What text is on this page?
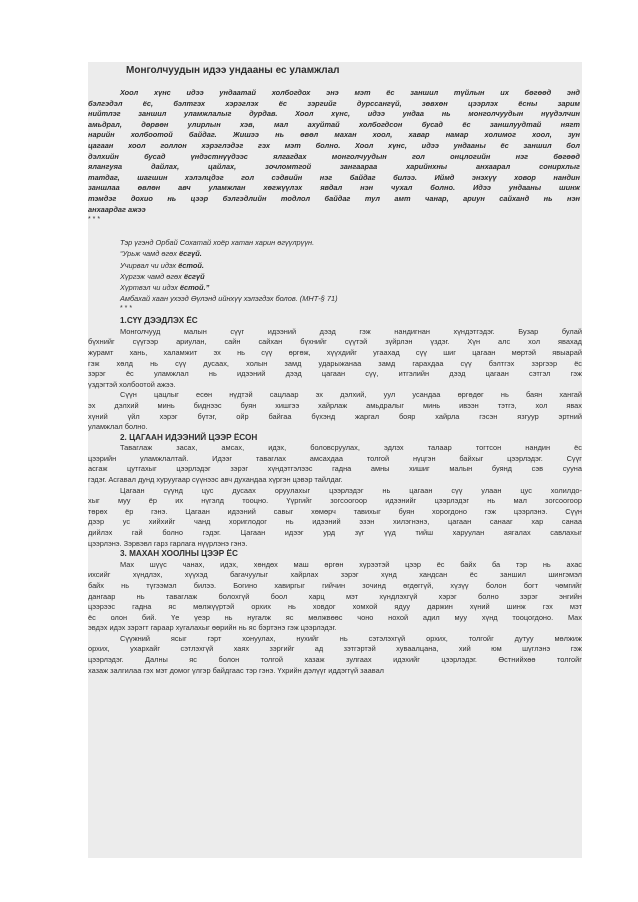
Монголчуудын идээ ундааны ес уламжлал
Хоол хүнс идээ ундаатай холбогдох энэ мэт ёс заншил түйлын их бөгөөд энд
бэлгэдэл ёс, бэлтгэх хэрэглэх ёс зэргийг дурссангүй, зөвхөн цээрлэх ёсны зарим
нийтлэг заншил уламжлалыг дурдав. Хоол хүнс, идээ ундаа нь монголчуудын нүүдэлчин
амьдрал, дөрвөн улирлын хэв, мал ахуйтай холбогдсон бусад ёс заншлуудтай нягт
нарийн холбоотой байдаг. Жишээ нь өвөл махан хоол, хавар намар холимог хоол, зун
цагаан хоол голлон хэрэглэдэг гэх мэт болно. Хоол хүнс, идээ ундааны ёс заншил бол
дэлхийн бусад үндэстнүүдээс ялгагдах монголчуудын гол онцлогийн нэг бөгөөд
ялангуяа дайлах, цайлах, зочломтгой зангаараа харийнхны анхаарал сонирхлыг
татдаг, шагшин хэлэлцдэг гол сэдвийн нэг байдаг билээ. Иймд энэхүү ховор нандин
заншлаа өвлөн авч уламжлан хөгжүүлэх явдал нэн чухал болно. Идээ ундааны шинж
тэмдэг дохио нь цээр бэлгэдлийн тодлол байдаг тул амт чанар, ариун сайханд нь нэн
анхаардаг ажээ
* * *
Тэр үгэнд Орбай Сохатай хоёр хатан харин өгүүлрүүн.
“Урьж чамд өгөх ёсгүй.
Учирвал чи идэх ёстой.
Хүргэж чамд өгөх ёсгүй
Хүртвэл чи идэх ёстой.”
Амбахай хаан ухээд Өүлэнд ийнхүү хэлэгдэх болов. (МНТ-§ 71)
* * *
1.СҮҮ ДЭЭДЛЭХ ЁС
Монголчууд малын сүүг идээний дээд гэж нандигнан хүндэтгэдэг. Бузар булай
бүхнийг сүүгээр ариулан, сайн сайхан бүхнийг сүүтэй зүйрлэн үздэг. Хүн алс хол явахад
журамт хань, халамжит эх нь сүү өргөж, хүүхдийг угаахад сүү шиг цагаан мөртэй явыарай
гэж хөлд нь сүү дусаах, холын замд ударыжанаа замд гарахдаа сүү бэлтгэх зэргээр ёс
зэрэг ёс уламжлал нь идээний дээд цагаан сүү, итгэлийн дээд цагаан сэтгэл гэж
үздэгтэй холбоотой ажээ.
Сүүн цацлыг есөн нүдтэй сацлаар эх дэлхий, уул усандаа өргөдөг нь баян хангай
эх дэлхий минь биднээс буян хишгээ хайрлаж амьдралыг минь ивээн тэтгэ, хол явах
хүний үйл хэрэг бүтэг, ойр байгаа бүхэнд жаргал бояр хайрла гэсэн язгуур эртний
уламжлал болно.
2. ЦАГААН ИДЭЭНИЙ ЦЭЭР ЁСОН
Таваглаж засах, амсах, идэх, боловсруулах, эдлэх талаар тогтсон нандин ёс
цээрийн уламжлалтай. Идээг таваглах амсахдаа толгой нүцгэн байхыг цээрлэдэг. Сүүг
асгаж цутгахыг цээрлэдэг зэрэг хүндэтгэлээс гадна амны хишиг малын буянд сэв сууна
гэдэг. Асгавал дунд хуруугаар сүүнээс авч духандаа хүргэн цэвэр тайлдаг.
Цагаан сүүнд цус дусаах оруулахыг цээрлэдэг нь цагаан сүү улаан цус холилдо-
хыг муу ёр их нүгэлд тооцно. Үүргийг зогсоогоор идээнийг цээрлэдэг нь мал зогсоогоор
төрөх ёр гэнэ. Цагаан идээний савыг хөмөрч тавихыг буян хорогдоно гэж цээрлэнэ. Сүүн
дээр ус хийхийг чанд хориглодог нь идээний эзэн хилэгнэнэ, цагаан санааг хар санаа
дийлэх гай болно гэдэг. Цагаан идээг урд зүг үүд тийш харуулан аягалах савлахыг
цээрлэнэ. Зэрвэвл гарз гарлага нүүрлэнэ гэнэ.
3. МАХАН ХООЛНЫ ЦЭЭР ЁС
Мах шүүс чанах, идэх, хөндөх маш өргөн хүрээтэй цээр ёс байх ба тэр нь ахас
ихсийг хүндлэх, хүүхэд багачуулыг хайрлах зэрэг хүнд хандсан ёс заншил шингэмэл
байх нь түгээмэл билээ. Богино хавиргыг гийчин зочинд өгдөггүй, хүзүү болон богт чөмгийг
дангаар нь таваглаж болохгүй боол харц мэт хүндлэхгүй хэрэг болно зэрэг энгийн
цээрээс гадна яс мөлжүүртэй орхих нь ховдог хомхой ядуу даржин хүний шинж гэх мэт
ёс олон бий. Үе үеэр нь нугалж яс мөлжвөөс чоно нохой адил муу хүнд тооцогдоно. Мах
эвдэх идэх зэрэгт гараар хугалахыг өөрийн нь яс бэртэнэ гэж цээрлэдэг.
Сүүжний ясыг гэрт хонуулах, нухийг нь сэтэлэхгүй орхих, толгойг дутуу мөлжиж
орхих, ухархайг сэтлэхгүй хаях зэргийг ад зэтгэртэй хуваалцана, хий юм шүглэнэ гэж
цээрлэдэг. Далны яс болон толгой хазаж зулгаах идэхийг цээрлэдэг. Өстнийхөө толгойг
хазаж залгилаа гэх мэт домог үлгэр байдгаас тэр гэнэ. Үхрийн дэлүүг иддэггүй заавал
